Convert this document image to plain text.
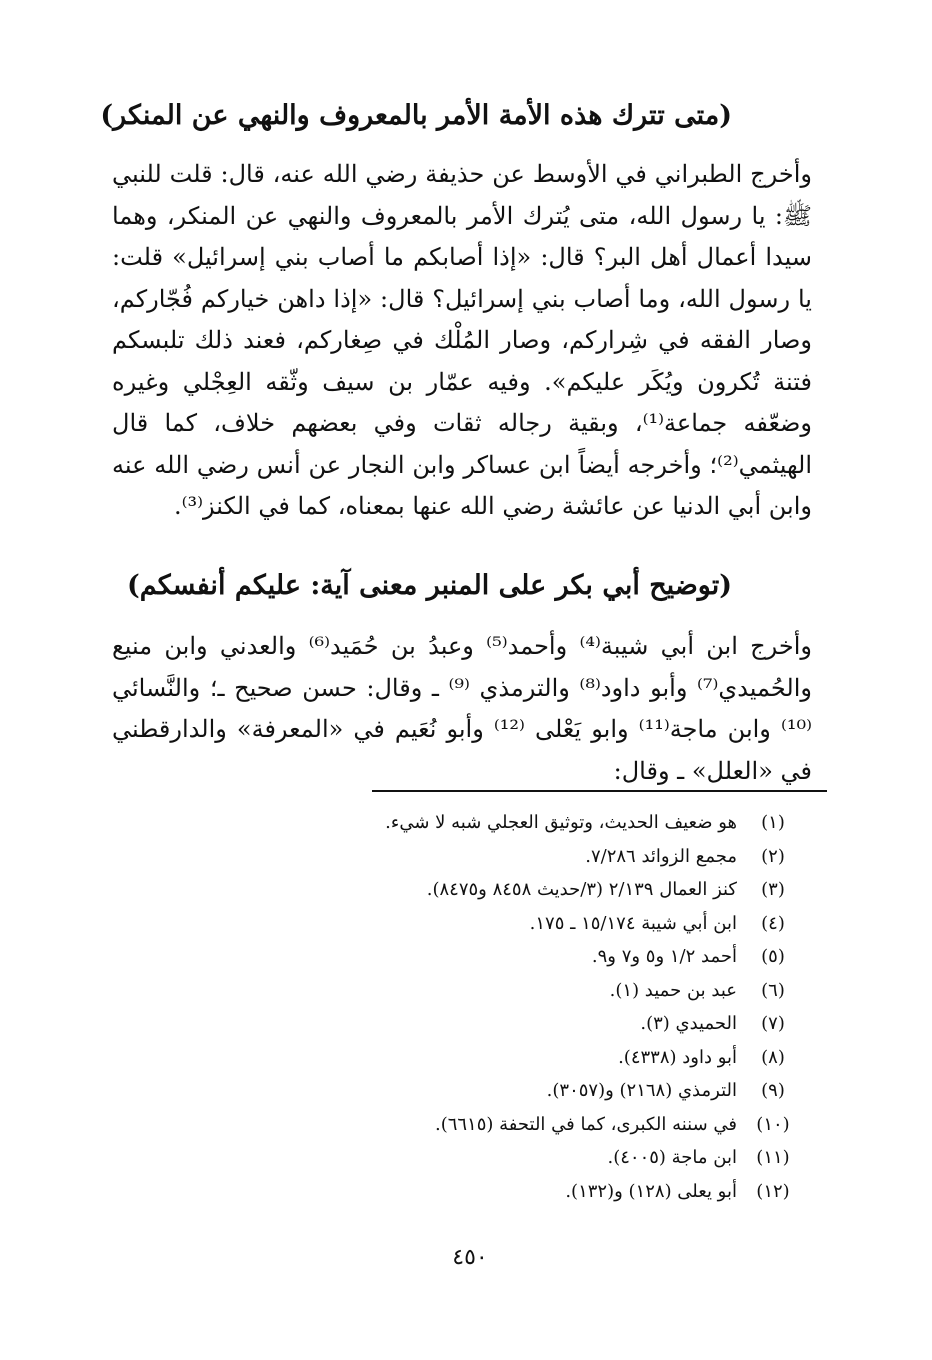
(متى تترك هذه الأمة الأمر بالمعروف والنهي عن المنكر)
وأخرج الطبراني في الأوسط عن حذيفة رضي الله عنه، قال: قلت للنبي ﷺ: يا رسول الله، متى يُترك الأمر بالمعروف والنهي عن المنكر، وهما سيدا أعمال أهل البر؟ قال: «إذا أصابكم ما أصاب بني إسرائيل» قلت: يا رسول الله، وما أصاب بني إسرائيل؟ قال: «إذا داهن خياركم فُجّاركم، وصار الفقه في شِراركم، وصار المُلْك في صِغاركم، فعند ذلك تلبسكم فتنة تُكرون ويُكَر عليكم». وفيه عمّار بن سيف وثّقه العِجْلي وغيره وضعّفه جماعة⁽¹⁾، وبقية رجاله ثقات وفي بعضهم خلاف، كما قال الهيثمي⁽²⁾؛ وأخرجه أيضاً ابن عساكر وابن النجار عن أنس رضي الله عنه وابن أبي الدنيا عن عائشة رضي الله عنها بمعناه، كما في الكنز⁽³⁾.
(توضيح أبي بكر على المنبر معنى آية: عليكم أنفسكم)
وأخرج ابن أبي شيبة⁽⁴⁾ وأحمد⁽⁵⁾ وعبدُ بن حُمَيد⁽⁶⁾ والعدني وابن منيع والحُميدي⁽⁷⁾ وأبو داود⁽⁸⁾ والترمذي ⁽⁹⁾ ـ وقال: حسن صحيح ـ؛ والنَّسائي ⁽¹⁰⁾ وابن ماجة⁽¹¹⁾ وابو يَعْلى ⁽¹²⁾ وأبو نُعَيم في «المعرفة» والدارقطني في «العلل» ـ وقال:
(١)هو ضعيف الحديث، وتوثيق العجلي شبه لا شيء.
(٢)مجمع الزوائد ٧/٢٨٦.
(٣)كنز العمال ٢/١٣٩ (٣/حديث ٨٤٥٨ و٨٤٧٥).
(٤)ابن أبي شيبة ١٥/١٧٤ ـ ١٧٥.
(٥)أحمد ١/٢ و٥ و٧ و٩.
(٦)عبد بن حميد (١).
(٧)الحميدي (٣).
(٨)أبو داود (٤٣٣٨).
(٩)الترمذي (٢١٦٨) و(٣٠٥٧).
(١٠)في سننه الكبرى، كما في التحفة (٦٦١٥).
(١١)ابن ماجة (٤٠٠٥).
(١٢)أبو يعلى (١٢٨) و(١٣٢).
٤٥٠
